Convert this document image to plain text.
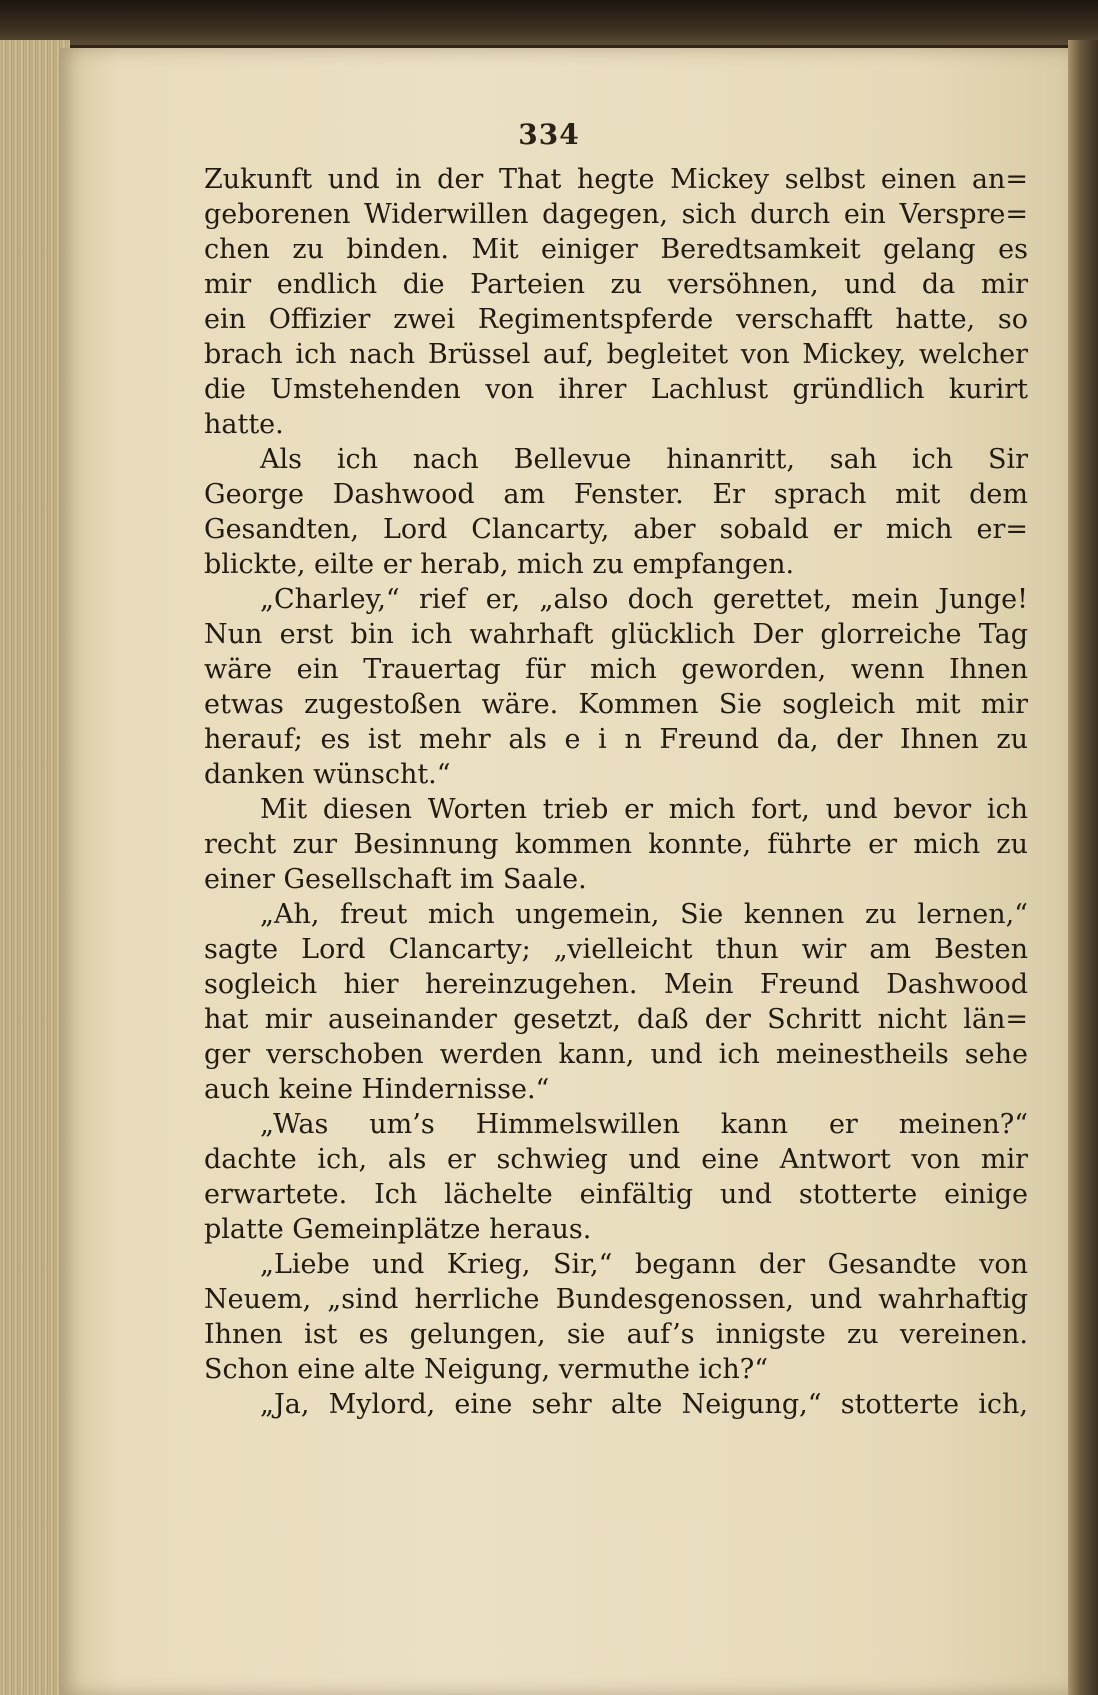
334
Zukunft und in der That hegte Mickey selbst einen an=
geborenen Widerwillen dagegen, sich durch ein Verspre=
chen zu binden. Mit einiger Beredtsamkeit gelang es
mir endlich die Parteien zu versöhnen, und da mir
ein Offizier zwei Regimentspferde verschafft hatte, so
brach ich nach Brüssel auf, begleitet von Mickey, welcher
die Umstehenden von ihrer Lachlust gründlich kurirt
hatte.
Als ich nach Bellevue hinanritt, sah ich Sir
George Dashwood am Fenster. Er sprach mit dem
Gesandten, Lord Clancarty, aber sobald er mich er=
blickte, eilte er herab, mich zu empfangen.
„Charley,“ rief er, „also doch gerettet, mein Junge!
Nun erst bin ich wahrhaft glücklich Der glorreiche Tag
wäre ein Trauertag für mich geworden, wenn Ihnen
etwas zugestoßen wäre. Kommen Sie sogleich mit mir
herauf; es ist mehr als e i n Freund da, der Ihnen zu
danken wünscht.“
Mit diesen Worten trieb er mich fort, und bevor ich
recht zur Besinnung kommen konnte, führte er mich zu
einer Gesellschaft im Saale.
„Ah, freut mich ungemein, Sie kennen zu lernen,“
sagte Lord Clancarty; „vielleicht thun wir am Besten
sogleich hier hereinzugehen. Mein Freund Dashwood
hat mir auseinander gesetzt, daß der Schritt nicht län=
ger verschoben werden kann, und ich meinestheils sehe
auch keine Hindernisse.“
„Was um’s Himmelswillen kann er meinen?“
dachte ich, als er schwieg und eine Antwort von mir
erwartete. Ich lächelte einfältig und stotterte einige
platte Gemeinplätze heraus.
„Liebe und Krieg, Sir,“ begann der Gesandte von
Neuem, „sind herrliche Bundesgenossen, und wahrhaftig
Ihnen ist es gelungen, sie auf’s innigste zu vereinen.
Schon eine alte Neigung, vermuthe ich?“
„Ja, Mylord, eine sehr alte Neigung,“ stotterte ich,
